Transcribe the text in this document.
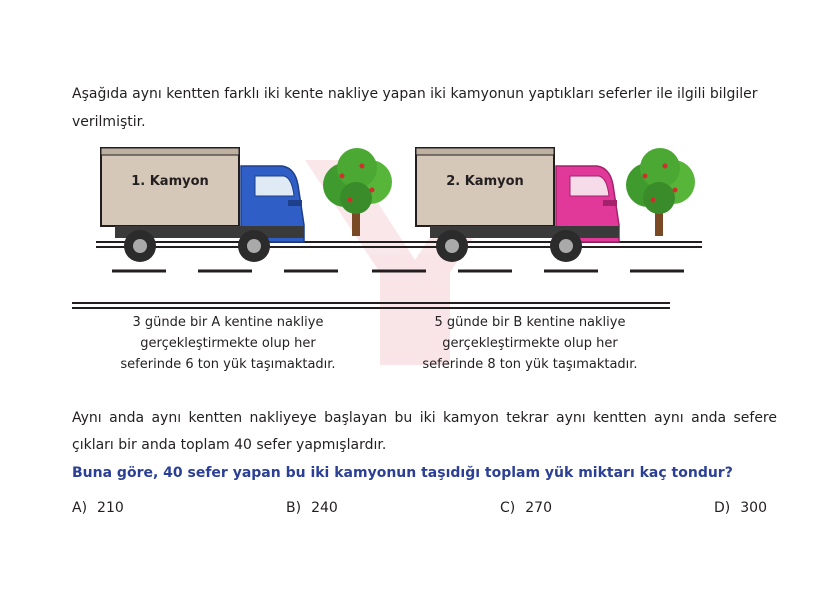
Aşağıda aynı kentten farklı iki kente nakliye yapan iki kamyonun yaptıkları seferler ile ilgili bilgiler verilmiştir.

1. Kamyon	2. Kamyon
3 günde bir A kentine nakliye
gerçekleştirmekte olup her
seferinde 6 ton yük taşımaktadır.
5 günde bir B kentine nakliye
gerçekleştirmekte olup her
seferinde 8 ton yük taşımaktadır.

Aynı anda aynı kentten nakliyeye başlayan bu iki kamyon tekrar aynı kentten aynı anda sefere çıkları bir anda toplam 40 sefer yapmışlardır.

Buna göre, 40 sefer yapan bu iki kamyonun taşıdığı toplam yük miktarı kaç tondur?

A) 210	B) 240	C) 270	D) 300
